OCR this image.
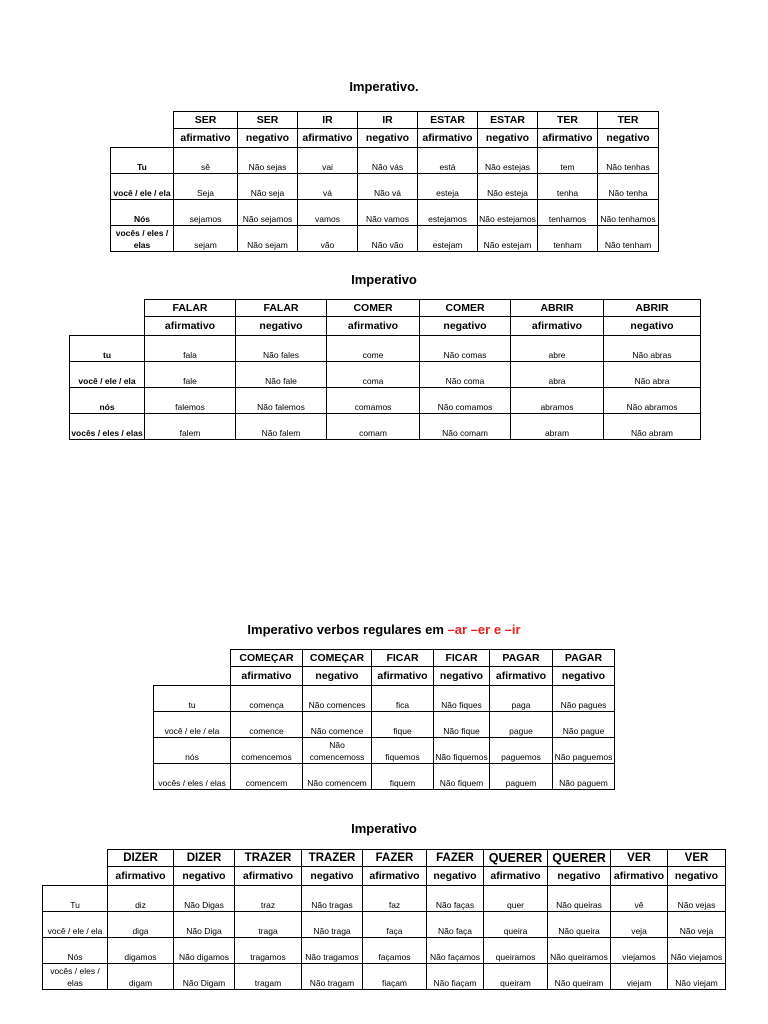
Imperativo.
	SER	SER	IR	IR	ESTAR	ESTAR	TER	TER
	afirmativo	negativo	afirmativo	negativo	afirmativo	negativo	afirmativo	negativo
Tu	sê	Não sejas	vai	Não vás	está	Não estejas	tem	Não tenhas
você / ele / ela	Seja	Não seja	vá	Não vá	esteja	Não esteja	tenha	Não tenha
Nós	sejamos	Não sejamos	vamos	Não vamos	estejamos	Não estejamos	tenhamos	Não tenhamos
vocês / eles / elas	sejam	Não sejam	vão	Não vão	estejam	Não estejam	tenham	Não tenham
Imperativo
	FALAR	FALAR	COMER	COMER	ABRIR	ABRIR
	afirmativo	negativo	afirmativo	negativo	afirmativo	negativo
tu	fala	Não fales	come	Não comas	abre	Não abras
você / ele / ela	fale	Não fale	coma	Não coma	abra	Não abra
nós	falemos	Não falemos	comamos	Não comamos	abramos	Não abramos
vocês / eles / elas	falem	Não falem	comam	Não comam	abram	Não abram
Imperativo verbos regulares em –ar –er e –ir
	COMEÇAR	COMEÇAR	FICAR	FICAR	PAGAR	PAGAR
	afirmativo	negativo	afirmativo	negativo	afirmativo	negativo
tu	comença	Não comences	fica	Não fiques	paga	Não pagues
você / ele / ela	comence	Não comence	fique	Não fique	pague	Não pague
nós	comencemos	Não comencemoss	fiquemos	Não fiquemos	paguemos	Não paguemos
vocês / eles / elas	comencem	Não comencem	fiquem	Não fiquem	paguem	Não paguem
Imperativo
	DIZER	DIZER	TRAZER	TRAZER	FAZER	FAZER	QUERER	QUERER	VER	VER
	afirmativo	negativo	afirmativo	negativo	afirmativo	negativo	afirmativo	negativo	afirmativo	negativo
Tu	diz	Não Digas	traz	Não tragas	faz	Não faças	quer	Não queiras	vê	Não vejas
você / ele / ela	diga	Não Diga	traga	Não traga	faça	Não faça	queira	Não queira	veja	Não veja
Nós	digamos	Não digamos	tragamos	Não tragamos	façamos	Não façamos	queiramos	Não queiramos	viejamos	Não viejamos
vocês / eles / elas	digam	Não Digam	tragam	Não tragam	fiaçam	Não fiaçam	queiram	Não queiram	viejam	Não viejam
